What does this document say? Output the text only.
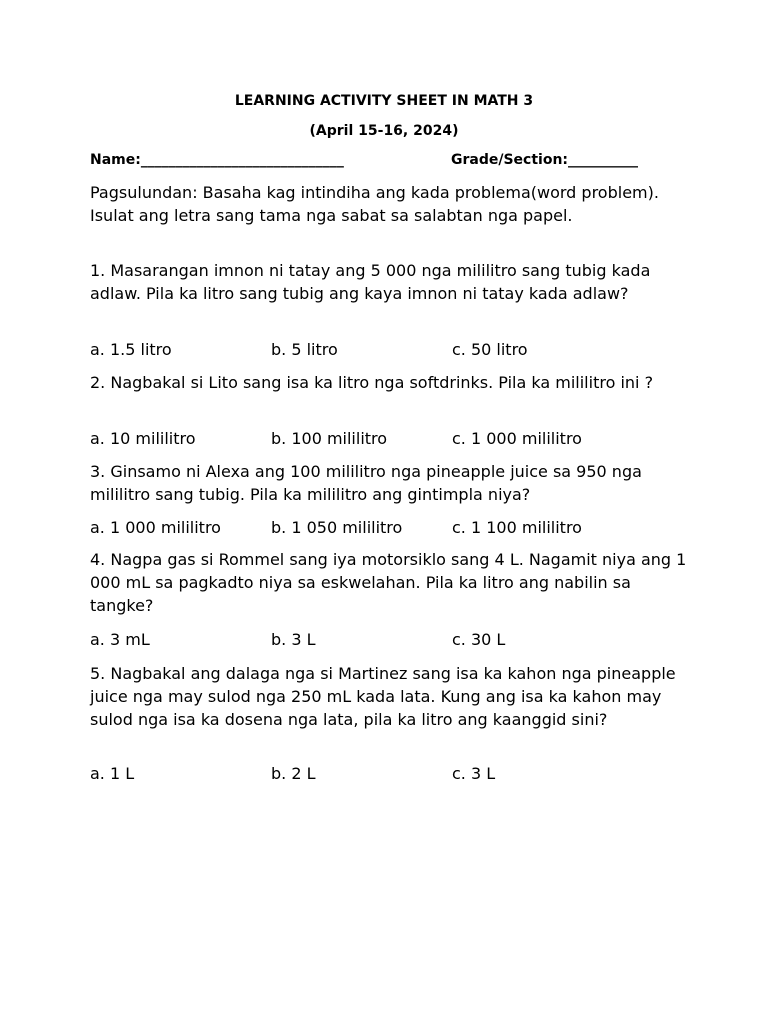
LEARNING ACTIVITY SHEET IN MATH 3
(April 15-16, 2024)
Name:_____________________________	Grade/Section:__________
Pagsulundan: Basaha kag intindiha ang kada problema(word problem). Isulat ang letra sang tama nga sabat sa salabtan nga papel.
1. Masarangan imnon ni tatay ang 5 000 nga mililitro sang tubig kada adlaw. Pila ka litro sang tubig ang kaya imnon ni tatay kada adlaw?
a. 1.5 litro	b. 5 litro	c. 50 litro
2. Nagbakal si Lito sang isa ka litro nga softdrinks. Pila ka mililitro ini ?
a. 10 mililitro	b. 100 mililitro	c. 1 000 mililitro
3. Ginsamo ni Alexa ang 100 mililitro nga pineapple juice sa 950 nga mililitro sang tubig. Pila ka mililitro ang gintimpla niya?
a. 1 000 mililitro	b. 1 050 mililitro	c. 1 100 mililitro
4. Nagpa gas si Rommel sang iya motorsiklo sang 4 L. Nagamit niya ang 1 000 mL sa pagkadto niya sa eskwelahan. Pila ka litro ang nabilin sa tangke?
a. 3 mL	b. 3 L	c. 30 L
5. Nagbakal ang dalaga nga si Martinez sang isa ka kahon nga pineapple juice nga may sulod nga 250 mL kada lata. Kung ang isa ka kahon may sulod nga isa ka dosena nga lata, pila ka litro ang kaanggid sini?
a. 1 L	b. 2 L	c. 3 L
